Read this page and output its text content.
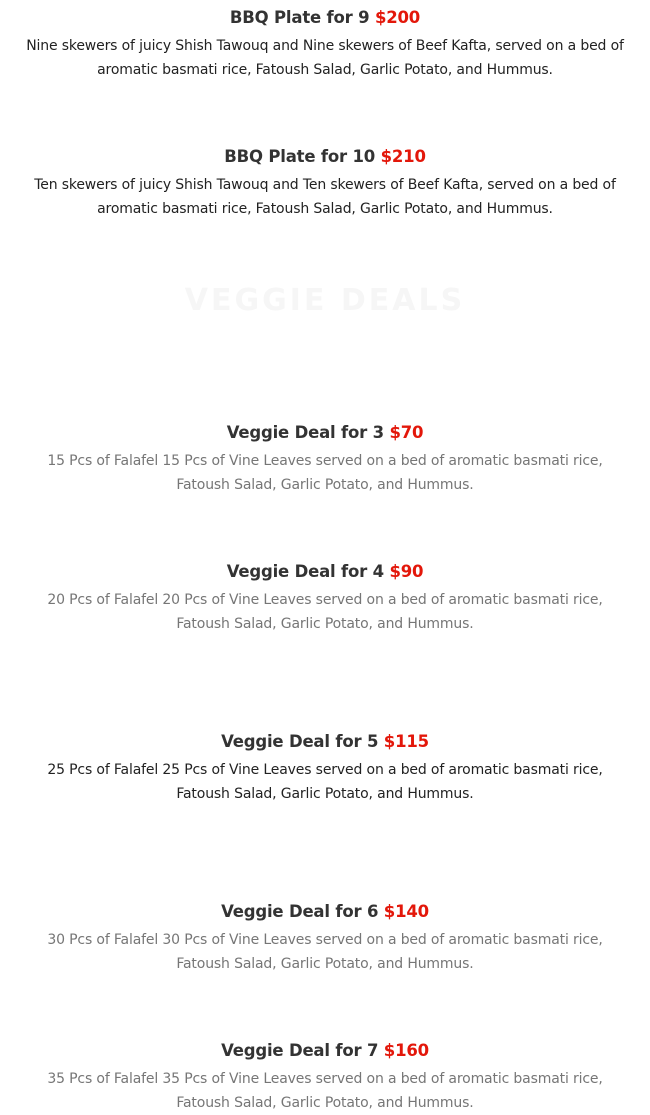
BBQ Plate for 9 $200

Nine skewers of juicy Shish Tawouq and Nine skewers of Beef Kafta, served on a bed of aromatic basmati rice, Fatoush Salad, Garlic Potato, and Hummus.

BBQ Plate for 10 $210

Ten skewers of juicy Shish Tawouq and Ten skewers of Beef Kafta, served on a bed of aromatic basmati rice, Fatoush Salad, Garlic Potato, and Hummus.

VEGGIE DEALS
Veggie Deal for 3 $70

15 Pcs of Falafel 15 Pcs of Vine Leaves served on a bed of aromatic basmati rice, Fatoush Salad, Garlic Potato, and Hummus.

Veggie Deal for 4 $90

20 Pcs of Falafel 20 Pcs of Vine Leaves served on a bed of aromatic basmati rice, Fatoush Salad, Garlic Potato, and Hummus.

Veggie Deal for 5 $115

25 Pcs of Falafel 25 Pcs of Vine Leaves served on a bed of aromatic basmati rice, Fatoush Salad, Garlic Potato, and Hummus.

Veggie Deal for 6 $140

30 Pcs of Falafel 30 Pcs of Vine Leaves served on a bed of aromatic basmati rice, Fatoush Salad, Garlic Potato, and Hummus.

Veggie Deal for 7 $160

35 Pcs of Falafel 35 Pcs of Vine Leaves served on a bed of aromatic basmati rice, Fatoush Salad, Garlic Potato, and Hummus.
